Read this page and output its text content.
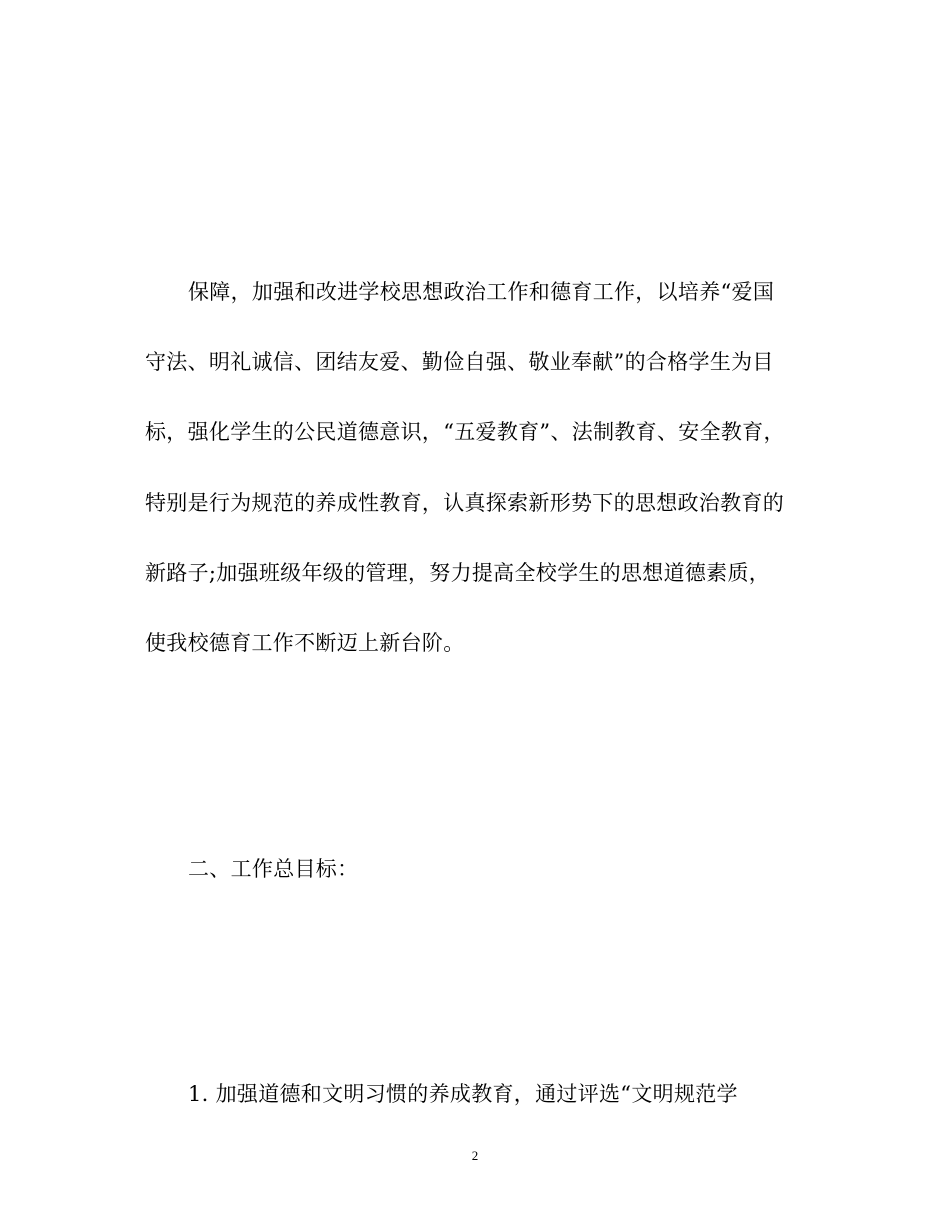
保障，加强和改进学校思想政治工作和德育工作，以培养“爱国
守法、明礼诚信、团结友爱、勤俭自强、敬业奉献”的合格学生为目
标，强化学生的公民道德意识，“五爱教育”、法制教育、安全教育，
特别是行为规范的养成性教育，认真探索新形势下的思想政治教育的
新路子;加强班级年级的管理，努力提高全校学生的思想道德素质，
使我校德育工作不断迈上新台阶。
二、工作总目标：
1. 加强道德和文明习惯的养成教育，通过评选“文明规范学
2
